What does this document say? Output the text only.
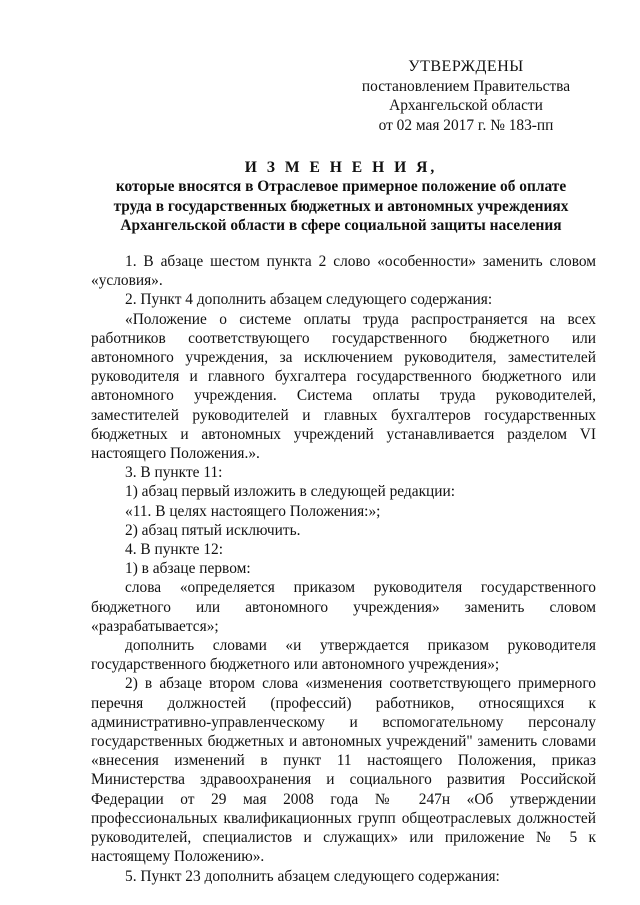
УТВЕРЖДЕНЫ
постановлением Правительства
Архангельской области
от 02 мая 2017 г. № 183-пп
И З М Е Н Е Н И Я,
которые вносятся в Отраслевое примерное положение об оплате
труда в государственных бюджетных и автономных учреждениях
Архангельской области в сфере социальной защиты населения

1. В абзаце шестом пункта 2 слово «особенности» заменить словом «условия».

2. Пункт 4 дополнить абзацем следующего содержания:

«Положение о системе оплаты труда распространяется на всех работников соответствующего государственного бюджетного или автономного учреждения, за исключением руководителя, заместителей руководителя и главного бухгалтера государственного бюджетного или автономного учреждения. Система оплаты труда руководителей, заместителей руководителей и главных бухгалтеров государственных бюджетных и автономных учреждений устанавливается разделом VI настоящего Положения.».

3. В пункте 11:

1) абзац первый изложить в следующей редакции:

«11. В целях настоящего Положения:»;

2) абзац пятый исключить.

4. В пункте 12:

1) в абзаце первом:

слова «определяется приказом руководителя государственного бюджетного или автономного учреждения» заменить словом «разрабатывается»;

дополнить словами «и утверждается приказом руководителя государственного бюджетного или автономного учреждения»;

2) в абзаце втором слова «изменения соответствующего примерного перечня должностей (профессий) работников, относящихся к административно-управленческому и вспомогательному персоналу государственных бюджетных и автономных учреждений" заменить словами «внесения изменений в пункт 11 настоящего Положения, приказ Министерства здравоохранения и социального развития Российской Федерации от 29 мая 2008 года № 247н «Об утверждении профессиональных квалификационных групп общеотраслевых должностей руководителей, специалистов и служащих» или приложение № 5 к настоящему Положению».

5. Пункт 23 дополнить абзацем следующего содержания:
